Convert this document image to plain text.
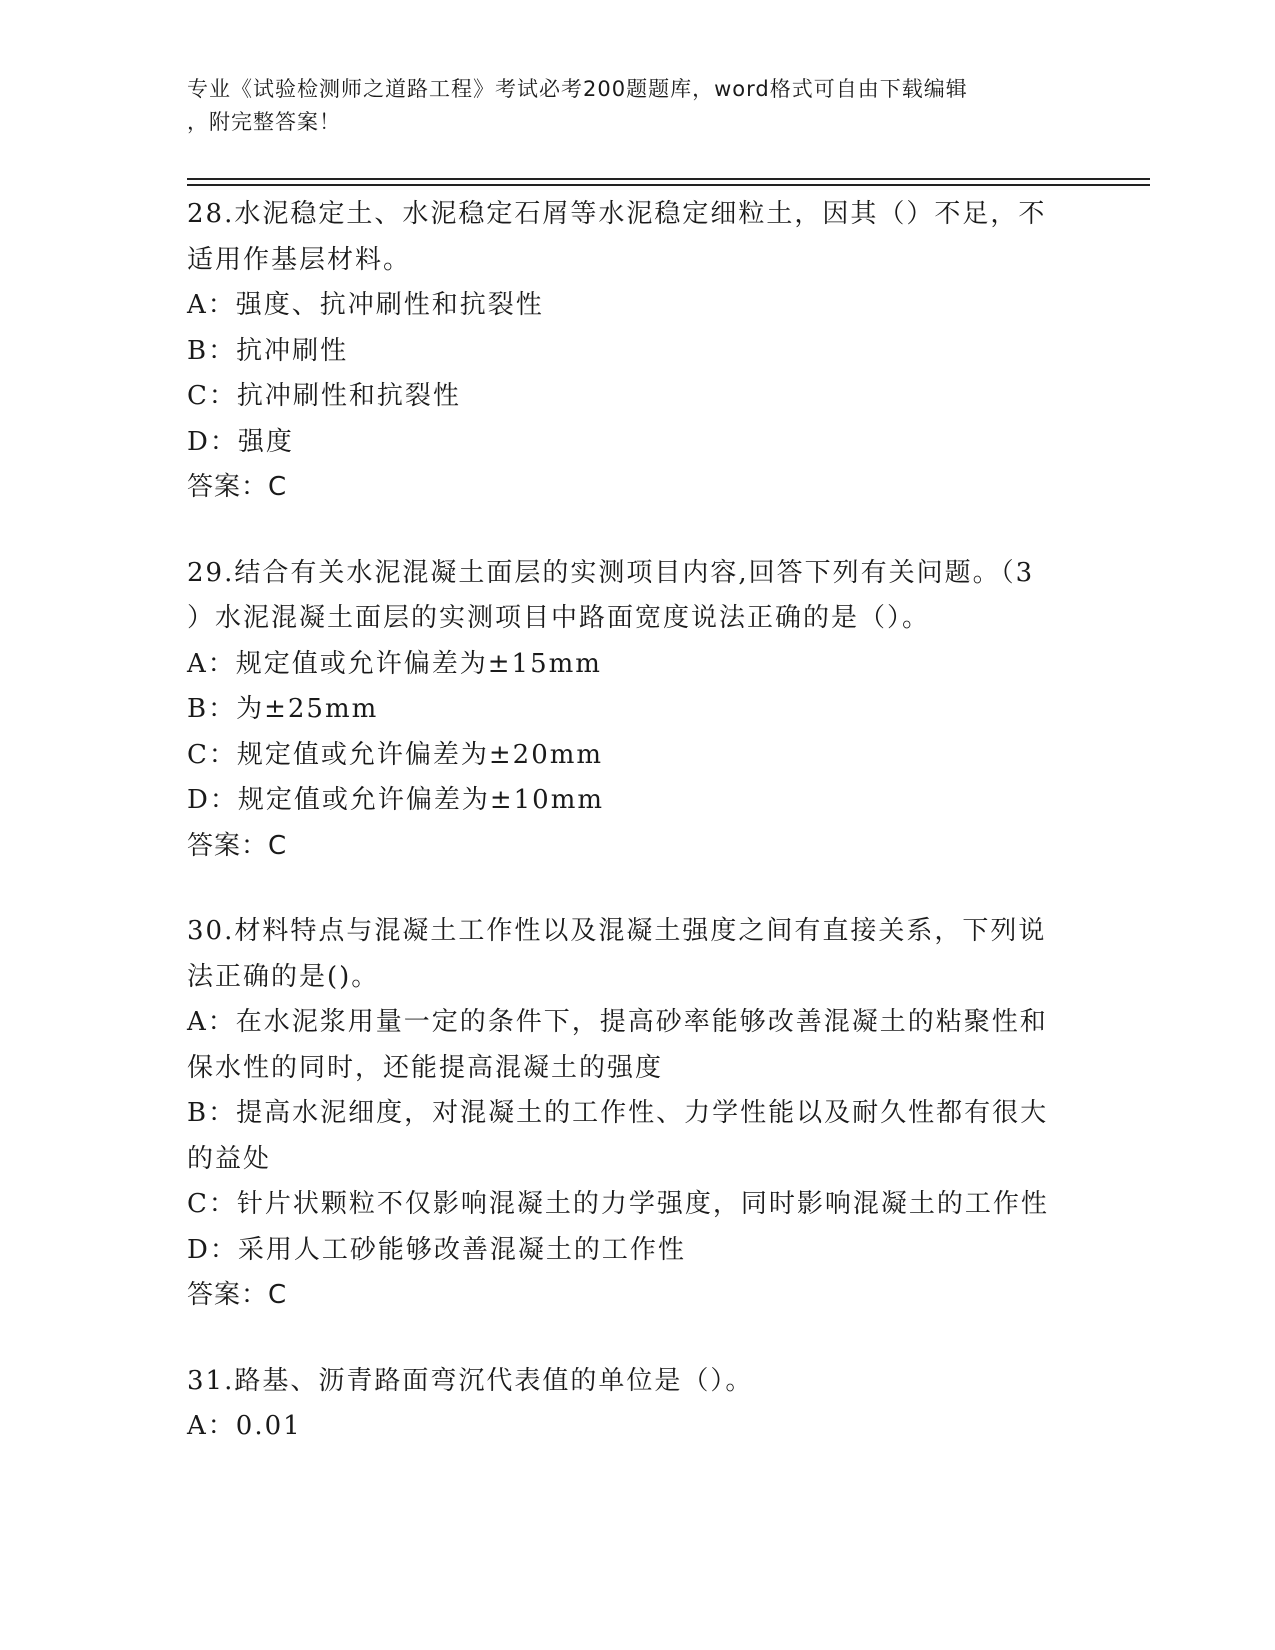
专业《试验检测师之道路工程》考试必考200题题库，word格式可自由下载编辑
，附完整答案！
28.水泥稳定土、水泥稳定石屑等水泥稳定细粒土，因其（）不足，不
适用作基层材料。
A：强度、抗冲刷性和抗裂性
B：抗冲刷性
C：抗冲刷性和抗裂性
D：强度
答案：C
29.结合有关水泥混凝土面层的实测项目内容,回答下列有关问题。（3
）水泥混凝土面层的实测项目中路面宽度说法正确的是（）。
A：规定值或允许偏差为±15mm
B：为±25mm
C：规定值或允许偏差为±20mm
D：规定值或允许偏差为±10mm
答案：C
30.材料特点与混凝土工作性以及混凝土强度之间有直接关系，下列说
法正确的是()。
A：在水泥浆用量一定的条件下，提高砂率能够改善混凝土的粘聚性和
保水性的同时，还能提高混凝土的强度
B：提高水泥细度，对混凝土的工作性、力学性能以及耐久性都有很大
的益处
C：针片状颗粒不仅影响混凝土的力学强度，同时影响混凝土的工作性
D：采用人工砂能够改善混凝土的工作性
答案：C
31.路基、沥青路面弯沉代表值的单位是（）。
A：0.01
